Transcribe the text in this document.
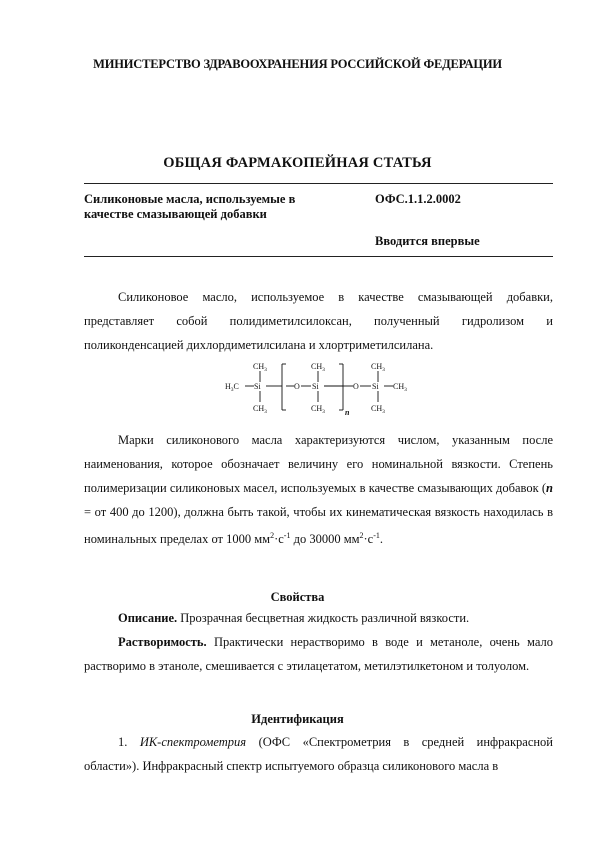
МИНИСТЕРСТВО ЗДРАВООХРАНЕНИЯ РОССИЙСКОЙ ФЕДЕРАЦИИ
ОБЩАЯ ФАРМАКОПЕЙНАЯ СТАТЬЯ
Силиконовые масла, используемые в
качестве смазывающей добавки
ОФС.1.1.2.0002
Вводится впервые

Силиконовое масло, используемое в качестве смазывающей добавки, представляет собой полидиметилсилоксан, полученный гидролизом и поликонденсацией дихлордиметилсилана и хлортриметилсилана.

$CH_3$
$H_3C$ Si
$CH_3$
O
$CH_3$
Si
$CH_3$	n
O
$CH_3$
Si $CH_3$
$CH_3$

Марки силиконового масла характеризуются числом, указанным после наименования, которое обозначает величину его номинальной вязкости. Степень полимеризации силиконовых масел, используемых в качестве смазывающих добавок (n = от 400 до 1200), должна быть такой, чтобы их кинематическая вязкость находилась в номинальных пределах от 1000 $мм^2\cdot с^{-1}$ до 30000 $мм^2\cdot с^{-1}$.

Свойства

Описание. Прозрачная бесцветная жидкость различной вязкости.

Растворимость. Практически нерастворимо в воде и метаноле, очень мало растворимо в этаноле, смешивается с этилацетатом, метилэтилкетоном и толуолом.

Идентификация

1. ИК-спектрометрия (ОФС «Спектрометрия в средней инфракрасной области»). Инфракрасный спектр испытуемого образца силиконового масла в
